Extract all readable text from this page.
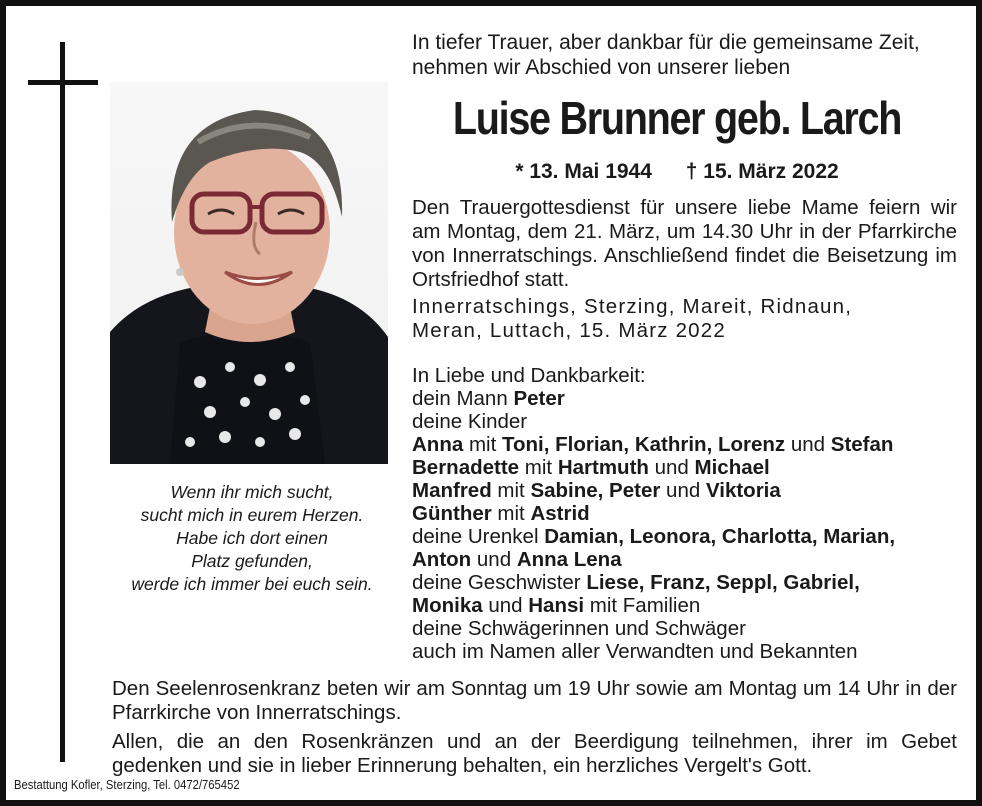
Wenn ihr mich sucht,
sucht mich in eurem Herzen.
Habe ich dort einen
Platz gefunden,
werde ich immer bei euch sein.
In tiefer Trauer, aber dankbar für die gemeinsame Zeit,
nehmen wir Abschied von unserer lieben
Luise Brunner geb. Larch
* 13. Mai 1944 † 15. März 2022
Den Trauergottesdienst für unsere liebe Mame feiern wir am Montag, dem 21. März, um 14.30 Uhr in der Pfarrkirche von Innerratschings. Anschließend findet die Beisetzung im Ortsfriedhof statt.
Innerratschings, Sterzing, Mareit, Ridnaun,
Meran, Luttach, 15. März 2022
In Liebe und Dankbarkeit:
dein Mann Peter
deine Kinder
Anna mit Toni, Florian, Kathrin, Lorenz und Stefan
Bernadette mit Hartmuth und Michael
Manfred mit Sabine, Peter und Viktoria
Günther mit Astrid
deine Urenkel Damian, Leonora, Charlotta, Marian,
Anton und Anna Lena
deine Geschwister Liese, Franz, Seppl, Gabriel,
Monika und Hansi mit Familien
deine Schwägerinnen und Schwäger
auch im Namen aller Verwandten und Bekannten

Den Seelenrosenkranz beten wir am Sonntag um 19 Uhr sowie am Montag um 14 Uhr in der Pfarrkirche von Innerratschings.

Allen, die an den Rosenkränzen und an der Beerdigung teilnehmen, ihrer im Gebet gedenken und sie in lieber Erinnerung behalten, ein herzliches Vergelt's Gott.

Bestattung Kofler, Sterzing, Tel. 0472/765452
